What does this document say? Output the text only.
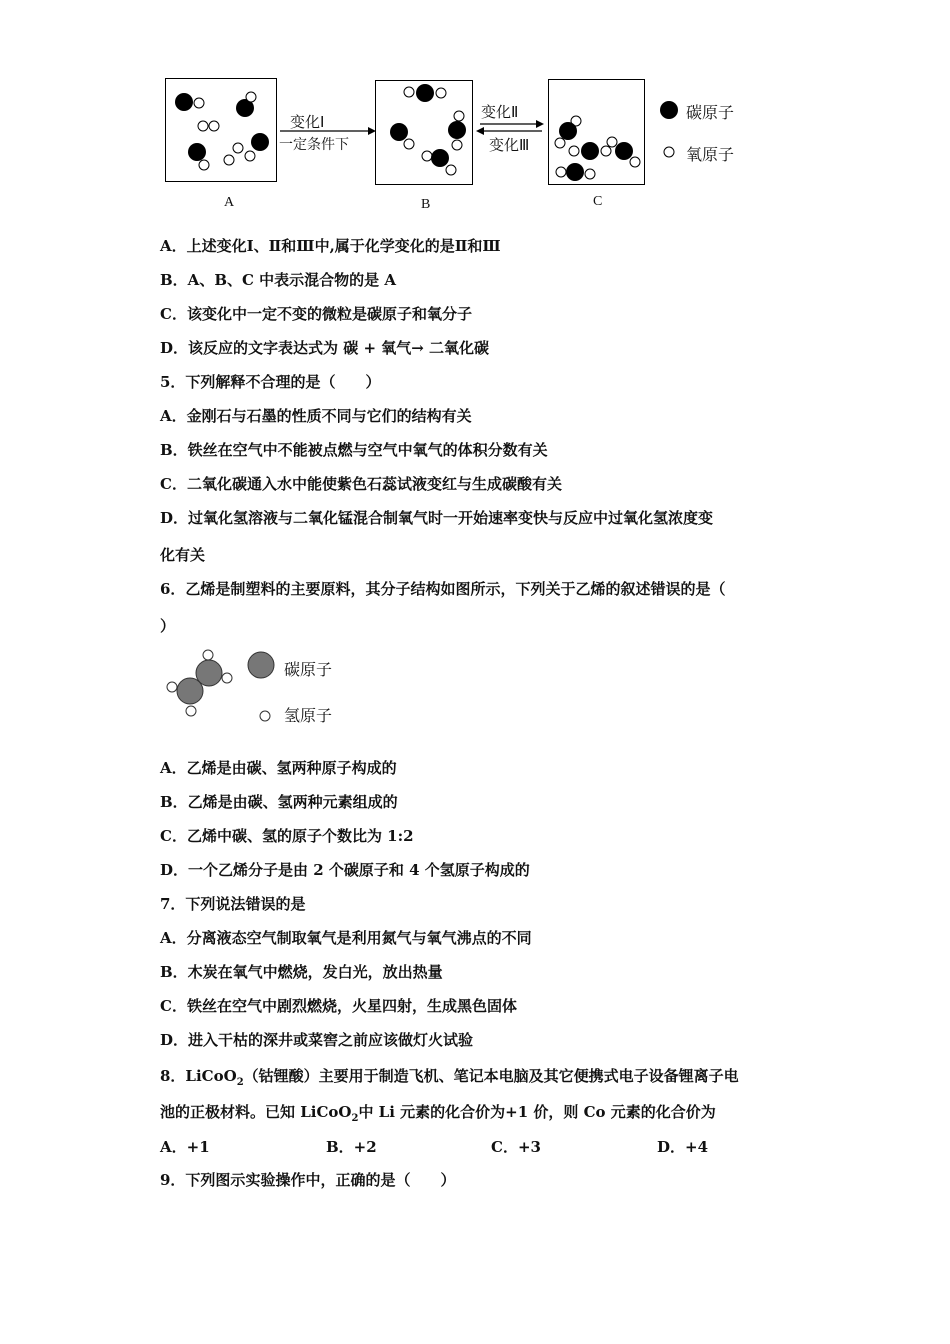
变化Ⅰ
一定条件下
变化Ⅱ
变化Ⅲ
碳原子
氧原子
A	B	C
A．上述变化Ⅰ、Ⅱ和Ⅲ中,属于化学变化的是Ⅱ和Ⅲ
B．A、B、C 中表示混合物的是 A
C．该变化中一定不变的微粒是碳原子和氧分子
D．该反应的文字表达式为 碳 + 氧气→ 二氧化碳
5．下列解释不合理的是（　　）
A．金刚石与石墨的性质不同与它们的结构有关
B．铁丝在空气中不能被点燃与空气中氧气的体积分数有关
C．二氧化碳通入水中能使紫色石蕊试液变红与生成碳酸有关
D．过氧化氢溶液与二氧化锰混合制氧气时一开始速率变快与反应中过氧化氢浓度变
化有关
6．乙烯是制塑料的主要原料，其分子结构如图所示，下列关于乙烯的叙述错误的是（
）
碳原子
氢原子
A．乙烯是由碳、氢两种原子构成的
B．乙烯是由碳、氢两种元素组成的
C．乙烯中碳、氢的原子个数比为 1:2
D．一个乙烯分子是由 2 个碳原子和 4 个氢原子构成的
7．下列说法错误的是
A．分离液态空气制取氧气是利用氮气与氧气沸点的不同
B．木炭在氧气中燃烧，发白光，放出热量
C．铁丝在空气中剧烈燃烧，火星四射，生成黑色固体
D．进入干枯的深井或菜窖之前应该做灯火试验
8．LiCoO$_2$（钴锂酸）主要用于制造飞机、笔记本电脑及其它便携式电子设备锂离子电
池的正极材料。已知 LiCoO$_2$中 Li 元素的化合价为+1 价，则 Co 元素的化合价为
A．+1	B．+2	C．+3	D．+4
9．下列图示实验操作中，正确的是（　　）
